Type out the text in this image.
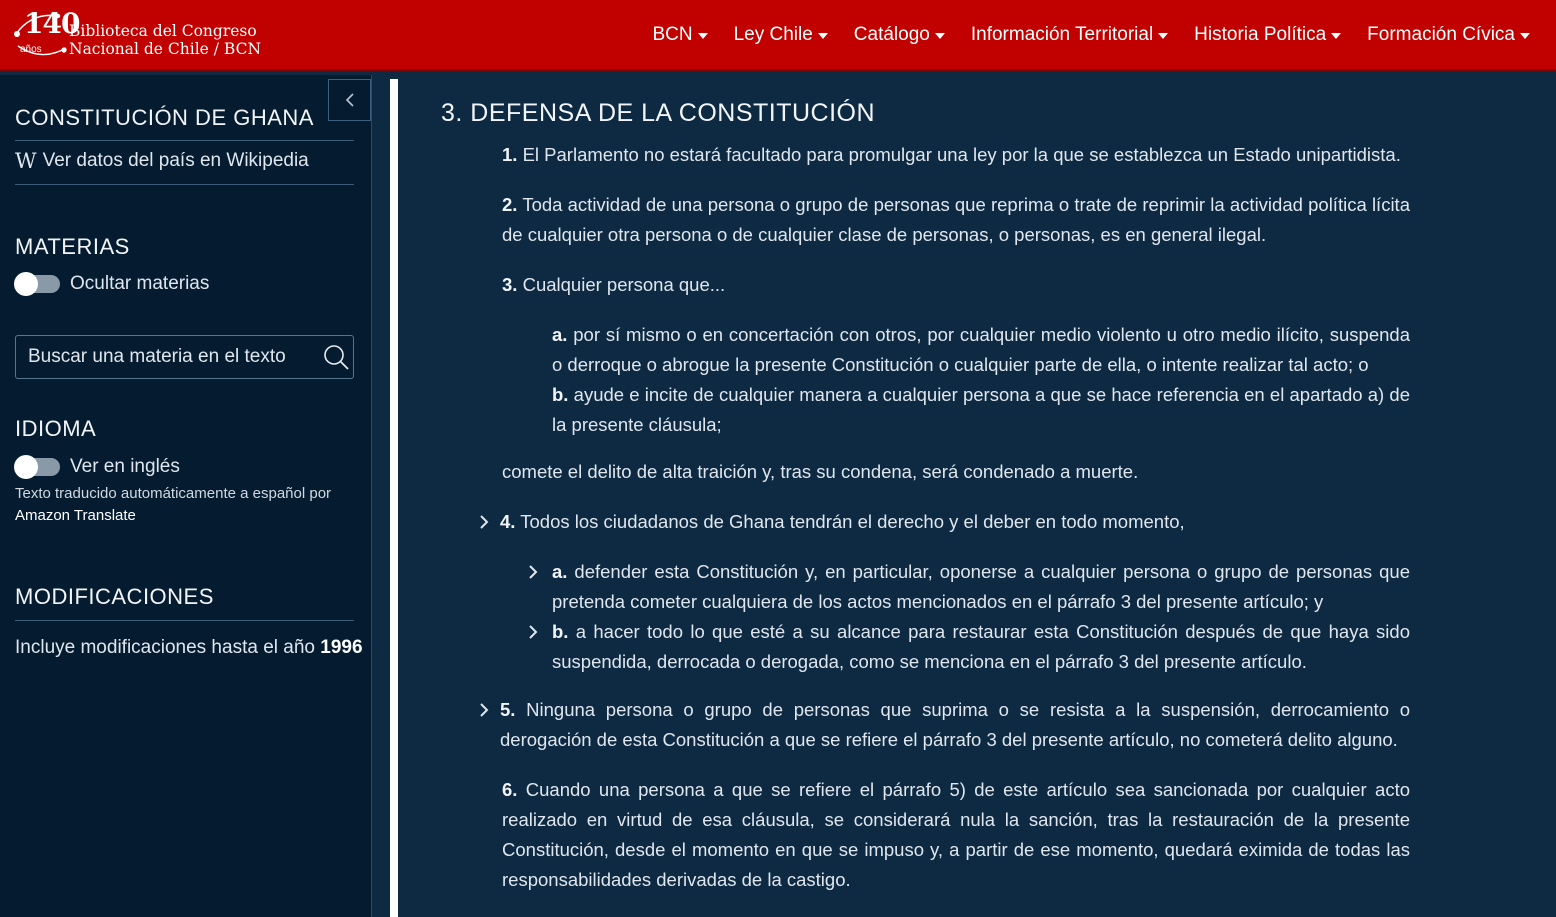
140
años
Biblioteca del Congreso
Nacional de Chile / BCN
BCN Ley Chile Catálogo Información Territorial Historia Política Formación Cívica
CONSTITUCIÓN DE GHANA
W Ver datos del país en Wikipedia
MATERIAS
Ocultar materias
Buscar una materia en el texto
IDIOMA
Ver en inglés
Texto traducido automáticamente a español por
Amazon Translate
MODIFICACIONES
Incluye modificaciones hasta el año 1996
3. DEFENSA DE LA CONSTITUCIÓN
1. El Parlamento no estará facultado para promulgar una ley por la que se establezca un Estado unipartidista.
2. Toda actividad de una persona o grupo de personas que reprima o trate de reprimir la actividad política lícita de cualquier otra persona o de cualquier clase de personas, o personas, es en general ilegal.
3. Cualquier persona que...
a. por sí mismo o en concertación con otros, por cualquier medio violento u otro medio ilícito, suspenda o derroque o abrogue la presente Constitución o cualquier parte de ella, o intente realizar tal acto; o
b. ayude e incite de cualquier manera a cualquier persona a que se hace referencia en el apartado a) de la presente cláusula;
comete el delito de alta traición y, tras su condena, será condenado a muerte.
4. Todos los ciudadanos de Ghana tendrán el derecho y el deber en todo momento,
a. defender esta Constitución y, en particular, oponerse a cualquier persona o grupo de personas que pretenda cometer cualquiera de los actos mencionados en el párrafo 3 del presente artículo; y
b. a hacer todo lo que esté a su alcance para restaurar esta Constitución después de que haya sido suspendida, derrocada o derogada, como se menciona en el párrafo 3 del presente artículo.
5. Ninguna persona o grupo de personas que suprima o se resista a la suspensión, derrocamiento o derogación de esta Constitución a que se refiere el párrafo 3 del presente artículo, no cometerá delito alguno.
6. Cuando una persona a que se refiere el párrafo 5) de este artículo sea sancionada por cualquier acto realizado en virtud de esa cláusula, se considerará nula la sanción, tras la restauración de la presente Constitución, desde el momento en que se impuso y, a partir de ese momento, quedará eximida de todas las responsabilidades derivadas de la castigo.
